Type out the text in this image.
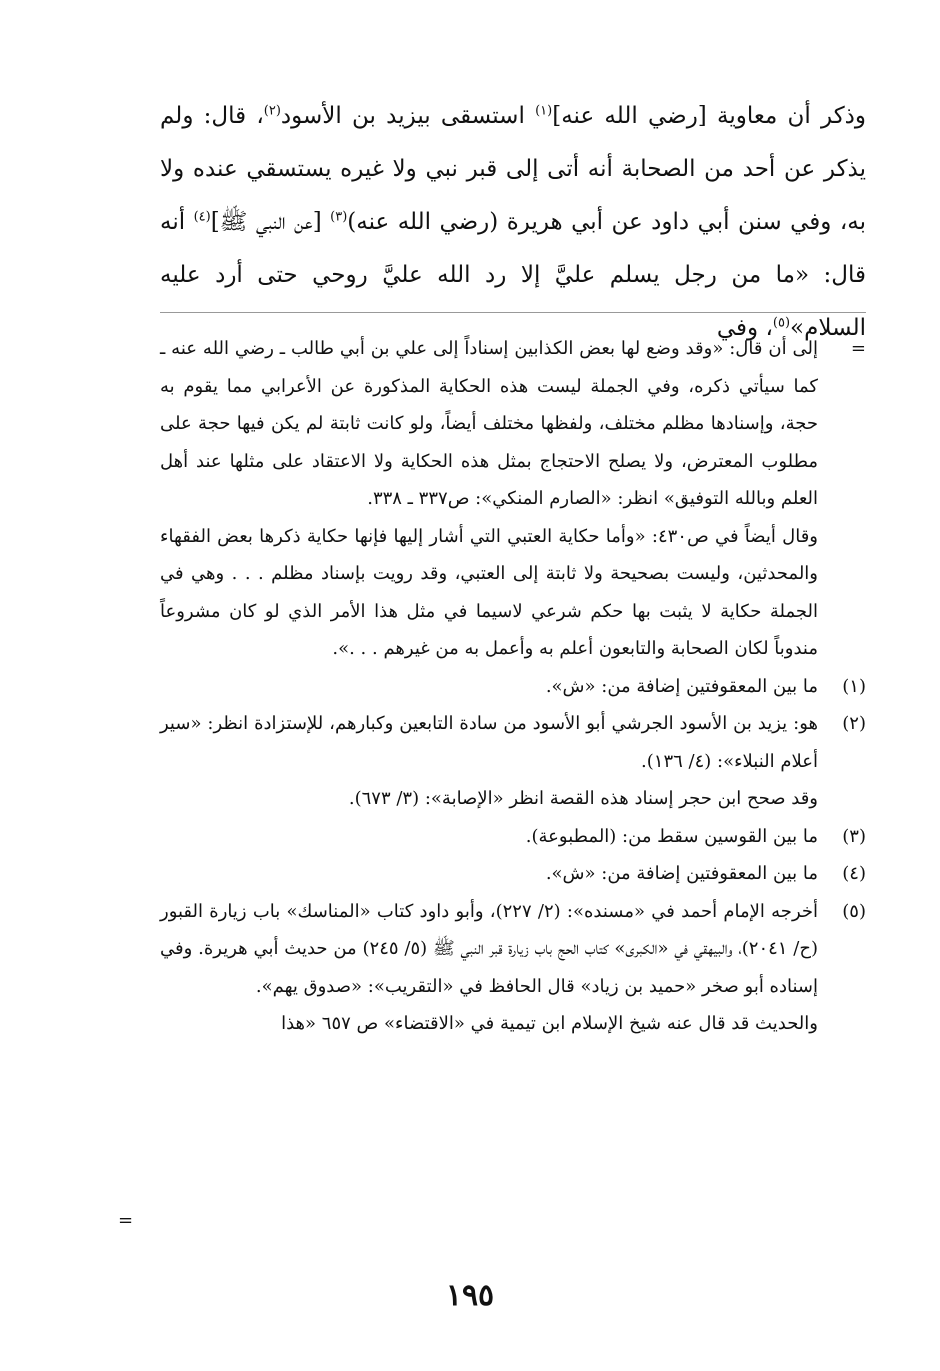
وذكر أن معاوية [رضي الله عنه]$^{(١)}$ استسقى بيزيد بن الأسود$^{(٢)}$، قال: ولم يذكر عن أحد من الصحابة أنه أتى إلى قبر نبي ولا غيره يستسقي عنده ولا به، وفي سنن أبي داود عن أبي هريرة (رضي الله عنه)$^{(٣)}$ [عن النبي ﷺ]$^{(٤)}$ أنه قال: «ما من رجل يسلم عليَّ إلا رد الله عليَّ روحي حتى أرد عليه السلام»$^{(٥)}$، وفي

=

إلى أن قال: «وقد وضع لها بعض الكذابين إسناداً إلى علي بن أبي طالب ـ رضي الله عنه ـ كما سيأتي ذكره، وفي الجملة ليست هذه الحكاية المذكورة عن الأعرابي مما يقوم به حجة، وإسنادها مظلم مختلف، ولفظها مختلف أيضاً، ولو كانت ثابتة لم يكن فيها حجة على مطلوب المعترض، ولا يصلح الاحتجاج بمثل هذه الحكاية ولا الاعتقاد على مثلها عند أهل العلم وبالله التوفيق» انظر: «الصارم المنكي»: ص٣٣٧ ـ ٣٣٨.

وقال أيضاً في ص٤٣٠: «وأما حكاية العتبي التي أشار إليها فإنها حكاية ذكرها بعض الفقهاء والمحدثين، وليست بصحيحة ولا ثابتة إلى العتبي، وقد رويت بإسناد مظلم . . . وهي في الجملة حكاية لا يثبت بها حكم شرعي لاسيما في مثل هذا الأمر الذي لو كان مشروعاً مندوباً لكان الصحابة والتابعون أعلم به وأعمل به من غيرهم . . .».

(١)

ما بين المعقوفتين إضافة من: «ش».

(٢)

هو: يزيد بن الأسود الجرشي أبو الأسود من سادة التابعين وكبارهم، للإستزادة انظر: «سير أعلام النبلاء»: (٤/ ١٣٦).

وقد صحح ابن حجر إسناد هذه القصة انظر «الإصابة»: (٣/ ٦٧٣).

(٣)

ما بين القوسين سقط من: (المطبوعة).

(٤)

ما بين المعقوفتين إضافة من: «ش».

(٥)

أخرجه الإمام أحمد في «مسنده»: (٢/ ٢٢٧)، وأبو داود كتاب «المناسك» باب زيارة القبور (ح/ ٢٠٤١)، والبيهقي في «الكبرى» كتاب الحج باب زيارة قبر النبي ﷺ (٥/ ٢٤٥) من حديث أبي هريرة. وفي إسناده أبو صخر «حميد بن زياد» قال الحافظ في «التقريب»: «صدوق يهم».

والحديث قد قال عنه شيخ الإسلام ابن تيمية في «الاقتضاء» ص ٦٥٧ «هذا

=
١٩٥
